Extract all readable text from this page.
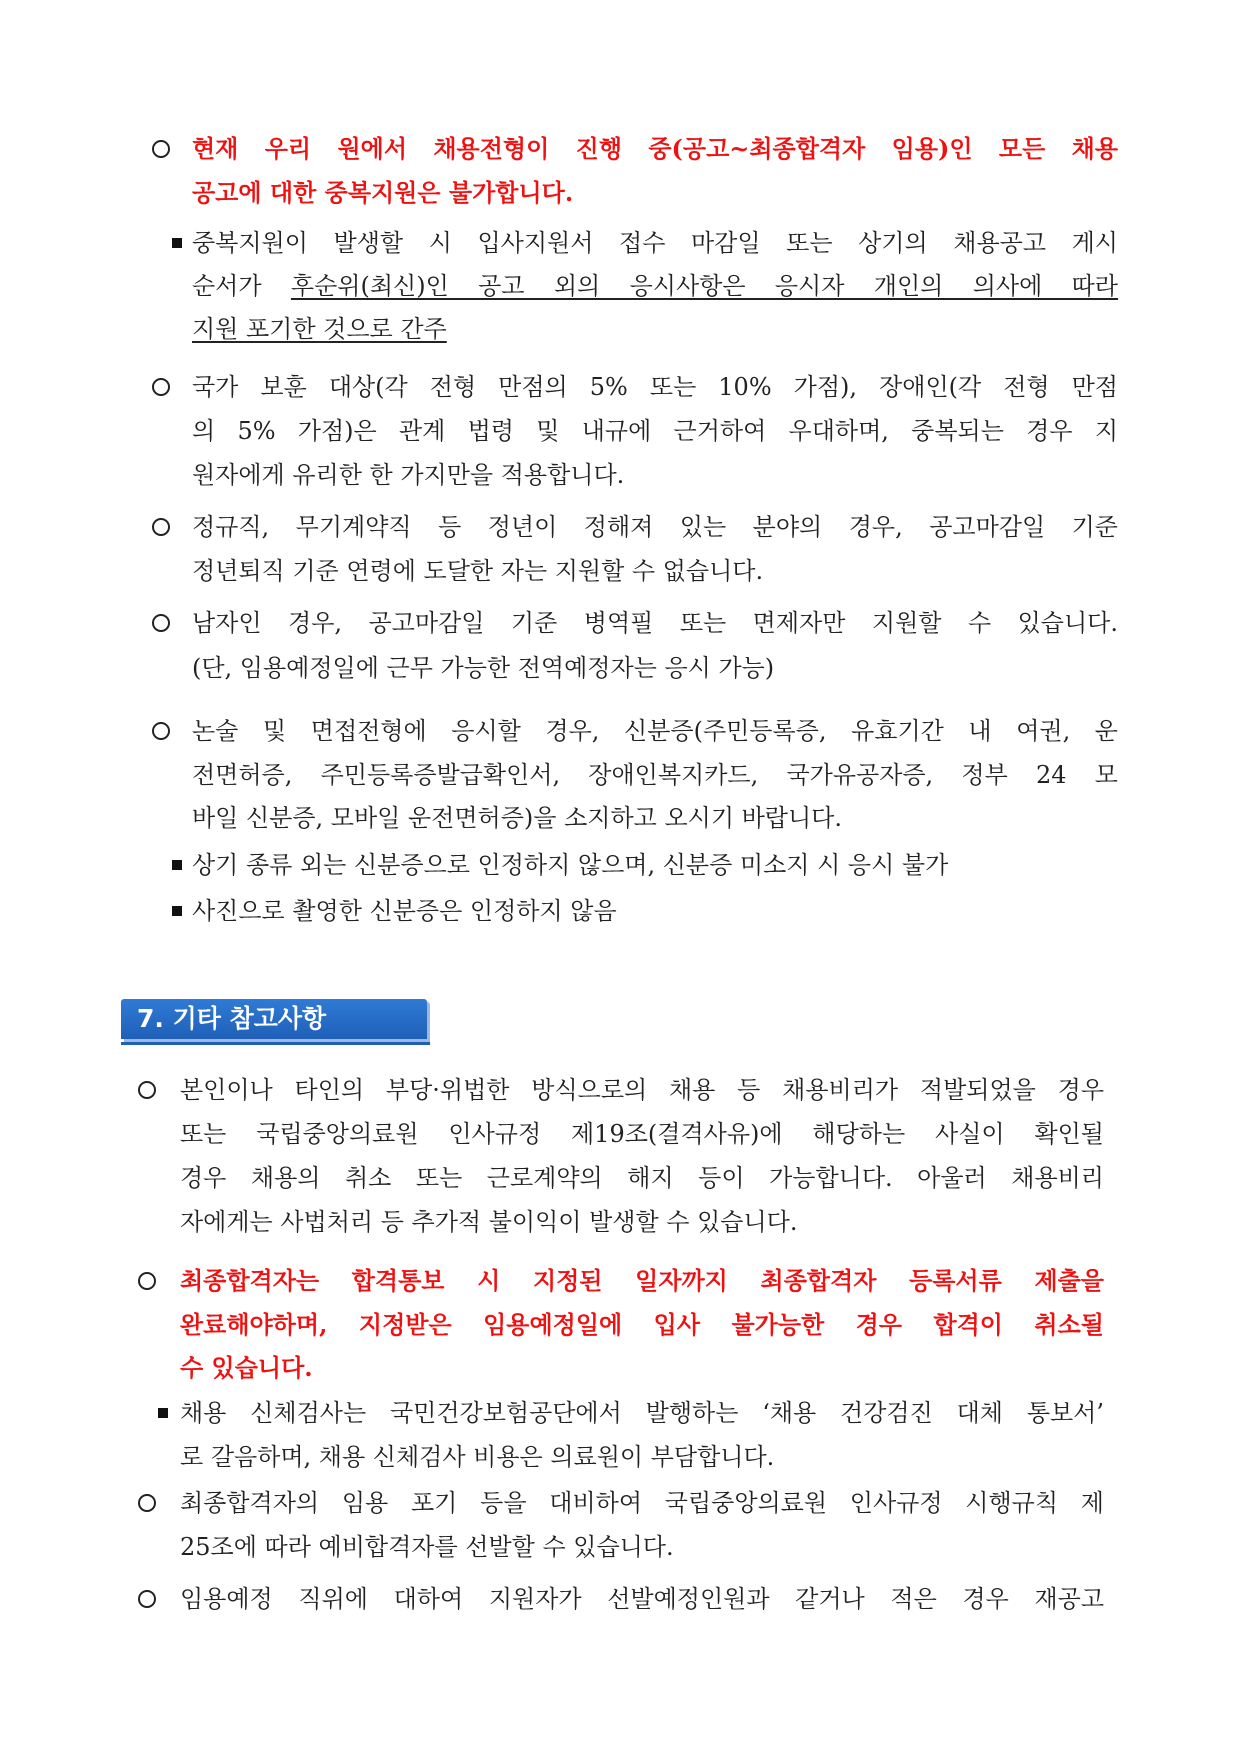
현재 우리 원에서 채용전형이 진행 중(공고~최종합격자 임용)인 모든 채용
공고에 대한 중복지원은 불가합니다.
중복지원이 발생할 시 입사지원서 접수 마감일 또는 상기의 채용공고 게시
순서가 후순위(최신)인 공고 외의 응시사항은 응시자 개인의 의사에 따라
지원 포기한 것으로 간주
국가 보훈 대상(각 전형 만점의 5% 또는 10% 가점), 장애인(각 전형 만점
의 5% 가점)은 관계 법령 및 내규에 근거하여 우대하며, 중복되는 경우 지
원자에게 유리한 한 가지만을 적용합니다.
정규직, 무기계약직 등 정년이 정해져 있는 분야의 경우, 공고마감일 기준
정년퇴직 기준 연령에 도달한 자는 지원할 수 없습니다.
남자인 경우, 공고마감일 기준 병역필 또는 면제자만 지원할 수 있습니다.
(단, 임용예정일에 근무 가능한 전역예정자는 응시 가능)
논술 및 면접전형에 응시할 경우, 신분증(주민등록증, 유효기간 내 여권, 운
전면허증, 주민등록증발급확인서, 장애인복지카드, 국가유공자증, 정부 24 모
바일 신분증, 모바일 운전면허증)을 소지하고 오시기 바랍니다.
상기 종류 외는 신분증으로 인정하지 않으며, 신분증 미소지 시 응시 불가
사진으로 촬영한 신분증은 인정하지 않음
7. 기타 참고사항
본인이나 타인의 부당·위법한 방식으로의 채용 등 채용비리가 적발되었을 경우
또는 국립중앙의료원 인사규정 제19조(결격사유)에 해당하는 사실이 확인될
경우 채용의 취소 또는 근로계약의 해지 등이 가능합니다. 아울러 채용비리
자에게는 사법처리 등 추가적 불이익이 발생할 수 있습니다.
최종합격자는 합격통보 시 지정된 일자까지 최종합격자 등록서류 제출을
완료해야하며, 지정받은 임용예정일에 입사 불가능한 경우 합격이 취소될
수 있습니다.
채용 신체검사는 국민건강보험공단에서 발행하는 ‘채용 건강검진 대체 통보서’
로 갈음하며, 채용 신체검사 비용은 의료원이 부담합니다.
최종합격자의 임용 포기 등을 대비하여 국립중앙의료원 인사규정 시행규칙 제
25조에 따라 예비합격자를 선발할 수 있습니다.
임용예정 직위에 대하여 지원자가 선발예정인원과 같거나 적은 경우 재공고
